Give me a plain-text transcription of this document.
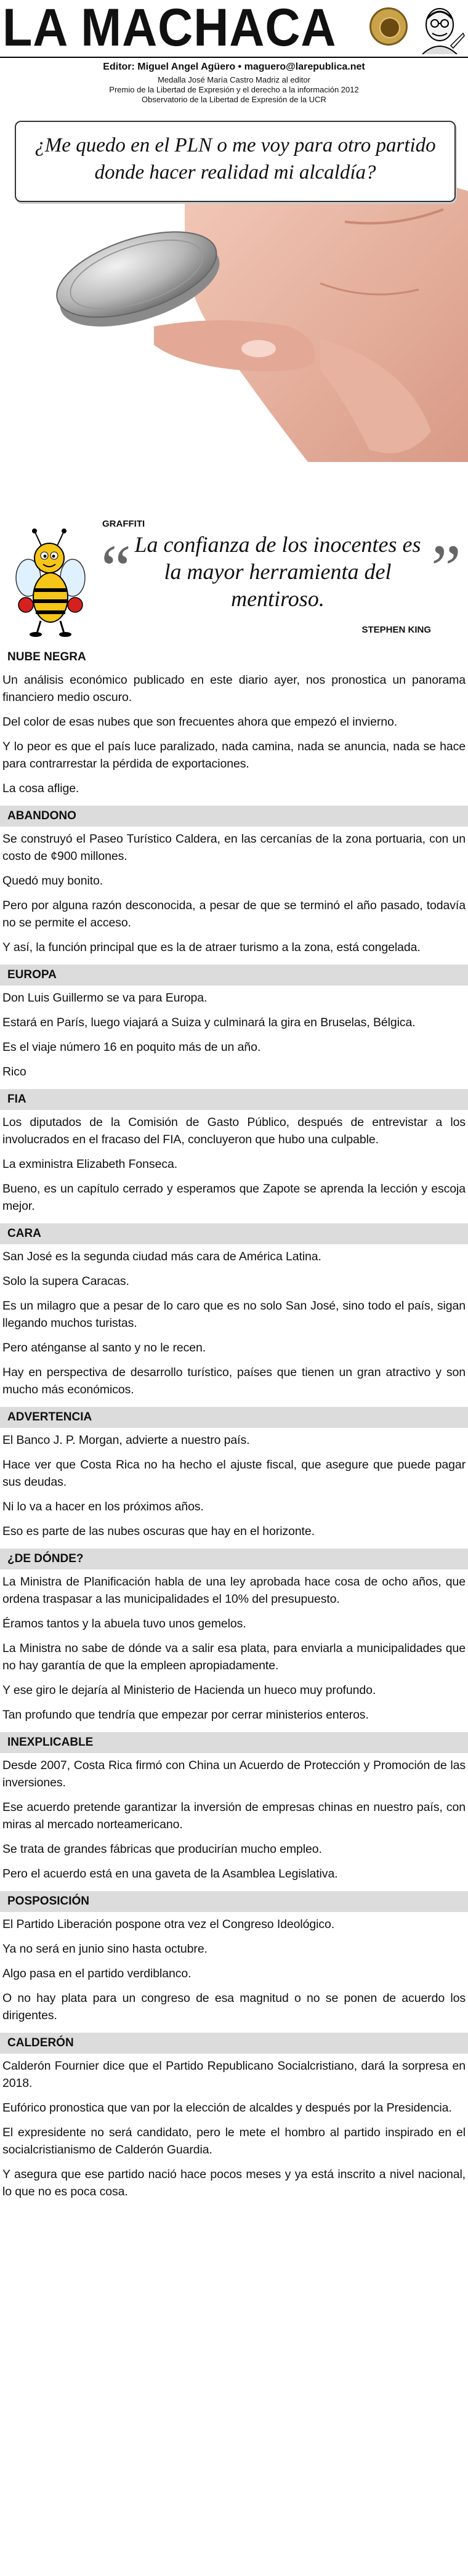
LA MACHACA
Editor: Miguel Angel Agüero • maguero@larepublica.net
Medalla José María Castro Madriz al editor
Premio de la Libertad de Expresión y el derecho a la información 2012
Observatorio de la Libertad de Expresión de la UCR

¿Me quedo en el PLN o me voy para otro partido donde hacer realidad mi alcaldía?

GRAFFITI
“	”
La confianza de los inocentes es la mayor herramienta del mentiroso.
STEPHEN KING
NUBE NEGRA

Un análisis económico publicado en este diario ayer, nos pronostica un panorama financiero medio oscuro.

Del color de esas nubes que son frecuentes ahora que empezó el invierno.

Y lo peor es que el país luce paralizado, nada camina, nada se anuncia, nada se hace para contrarrestar la pérdida de exportaciones.

La cosa aflige.

ABANDONO

Se construyó el Paseo Turístico Caldera, en las cercanías de la zona portuaria, con un costo de ¢900 millones.

Quedó muy bonito.

Pero por alguna razón desconocida, a pesar de que se terminó el año pasado, todavía no se permite el acceso.

Y así, la función principal que es la de atraer turismo a la zona, está congelada.

EUROPA

Don Luis Guillermo se va para Europa.

Estará en París, luego viajará a Suiza y culminará la gira en Bruselas, Bélgica.

Es el viaje número 16 en poquito más de un año.

Rico

FIA

Los diputados de la Comisión de Gasto Público, después de entrevistar a los involucrados en el fracaso del FIA, concluyeron que hubo una culpable.

La exministra Elizabeth Fonseca.

Bueno, es un capítulo cerrado y esperamos que Zapote se aprenda la lección y escoja mejor.

CARA

San José es la segunda ciudad más cara de América Latina.

Solo la supera Caracas.

Es un milagro que a pesar de lo caro que es no solo San José, sino todo el país, sigan llegando muchos turistas.

Pero aténganse al santo y no le recen.

Hay en perspectiva de desarrollo turístico, países que tienen un gran atractivo y son mucho más económicos.

ADVERTENCIA

El Banco J. P. Morgan, advierte a nuestro país.

Hace ver que Costa Rica no ha hecho el ajuste fiscal, que asegure que puede pagar sus deudas.

Ni lo va a hacer en los próximos años.

Eso es parte de las nubes oscuras que hay en el horizonte.

¿DE DÓNDE?

La Ministra de Planificación habla de una ley aprobada hace cosa de ocho años, que ordena traspasar a las municipalidades el 10% del presupuesto.

Éramos tantos y la abuela tuvo unos gemelos.

La Ministra no sabe de dónde va a salir esa plata, para enviarla a municipalidades que no hay garantía de que la empleen apropiadamente.

Y ese giro le dejaría al Ministerio de Hacienda un hueco muy profundo.

Tan profundo que tendría que empezar por cerrar ministerios enteros.

INEXPLICABLE

Desde 2007, Costa Rica firmó con China un Acuerdo de Protección y Promoción de las inversiones.

Ese acuerdo pretende garantizar la inversión de empresas chinas en nuestro país, con miras al mercado norteamericano.

Se trata de grandes fábricas que producirían mucho empleo.

Pero el acuerdo está en una gaveta de la Asamblea Legislativa.

POSPOSICIÓN

El Partido Liberación pospone otra vez el Congreso Ideológico.

Ya no será en junio sino hasta octubre.

Algo pasa en el partido verdiblanco.

O no hay plata para un congreso de esa magnitud o no se ponen de acuerdo los dirigentes.

CALDERÓN

Calderón Fournier dice que el Partido Republicano Socialcristiano, dará la sorpresa en 2018.

Eufórico pronostica que van por la elección de alcaldes y después por la Presidencia.

El expresidente no será candidato, pero le mete el hombro al partido inspirado en el socialcristianismo de Calderón Guardia.

Y asegura que ese partido nació hace pocos meses y ya está inscrito a nivel nacional, lo que no es poca cosa.
